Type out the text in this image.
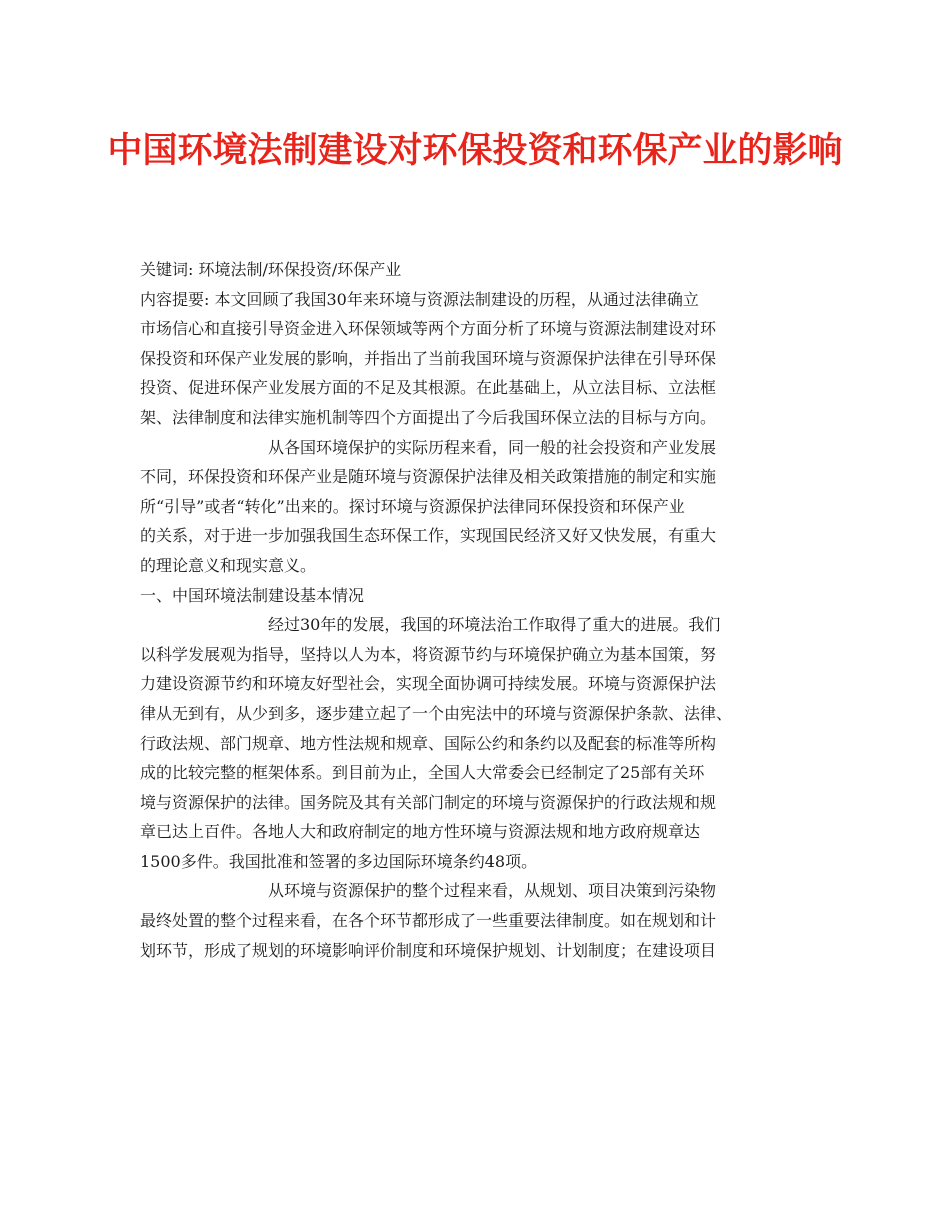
中国环境法制建设对环保投资和环保产业的影响

关键词: 环境法制/环保投资/环保产业

内容提要: 本文回顾了我国30年来环境与资源法制建设的历程，从通过法律确立

市场信心和直接引导资金进入环保领域等两个方面分析了环境与资源法制建设对环

保投资和环保产业发展的影响，并指出了当前我国环境与资源保护法律在引导环保

投资、促进环保产业发展方面的不足及其根源。在此基础上，从立法目标、立法框

架、法律制度和法律实施机制等四个方面提出了今后我国环保立法的目标与方向。

从各国环境保护的实际历程来看，同一般的社会投资和产业发展

不同，环保投资和环保产业是随环境与资源保护法律及相关政策措施的制定和实施

所“引导”或者“转化”出来的。探讨环境与资源保护法律同环保投资和环保产业

的关系，对于进一步加强我国生态环保工作，实现国民经济又好又快发展，有重大

的理论意义和现实意义。

一、中国环境法制建设基本情况

经过30年的发展，我国的环境法治工作取得了重大的进展。我们

以科学发展观为指导，坚持以人为本，将资源节约与环境保护确立为基本国策，努

力建设资源节约和环境友好型社会，实现全面协调可持续发展。环境与资源保护法

律从无到有，从少到多，逐步建立起了一个由宪法中的环境与资源保护条款、法律、

行政法规、部门规章、地方性法规和规章、国际公约和条约以及配套的标准等所构

成的比较完整的框架体系。到目前为止，全国人大常委会已经制定了25部有关环

境与资源保护的法律。国务院及其有关部门制定的环境与资源保护的行政法规和规

章已达上百件。各地人大和政府制定的地方性环境与资源法规和地方政府规章达

1500多件。我国批准和签署的多边国际环境条约48项。

从环境与资源保护的整个过程来看，从规划、项目决策到污染物

最终处置的整个过程来看，在各个环节都形成了一些重要法律制度。如在规划和计

划环节，形成了规划的环境影响评价制度和环境保护规划、计划制度；在建设项目
